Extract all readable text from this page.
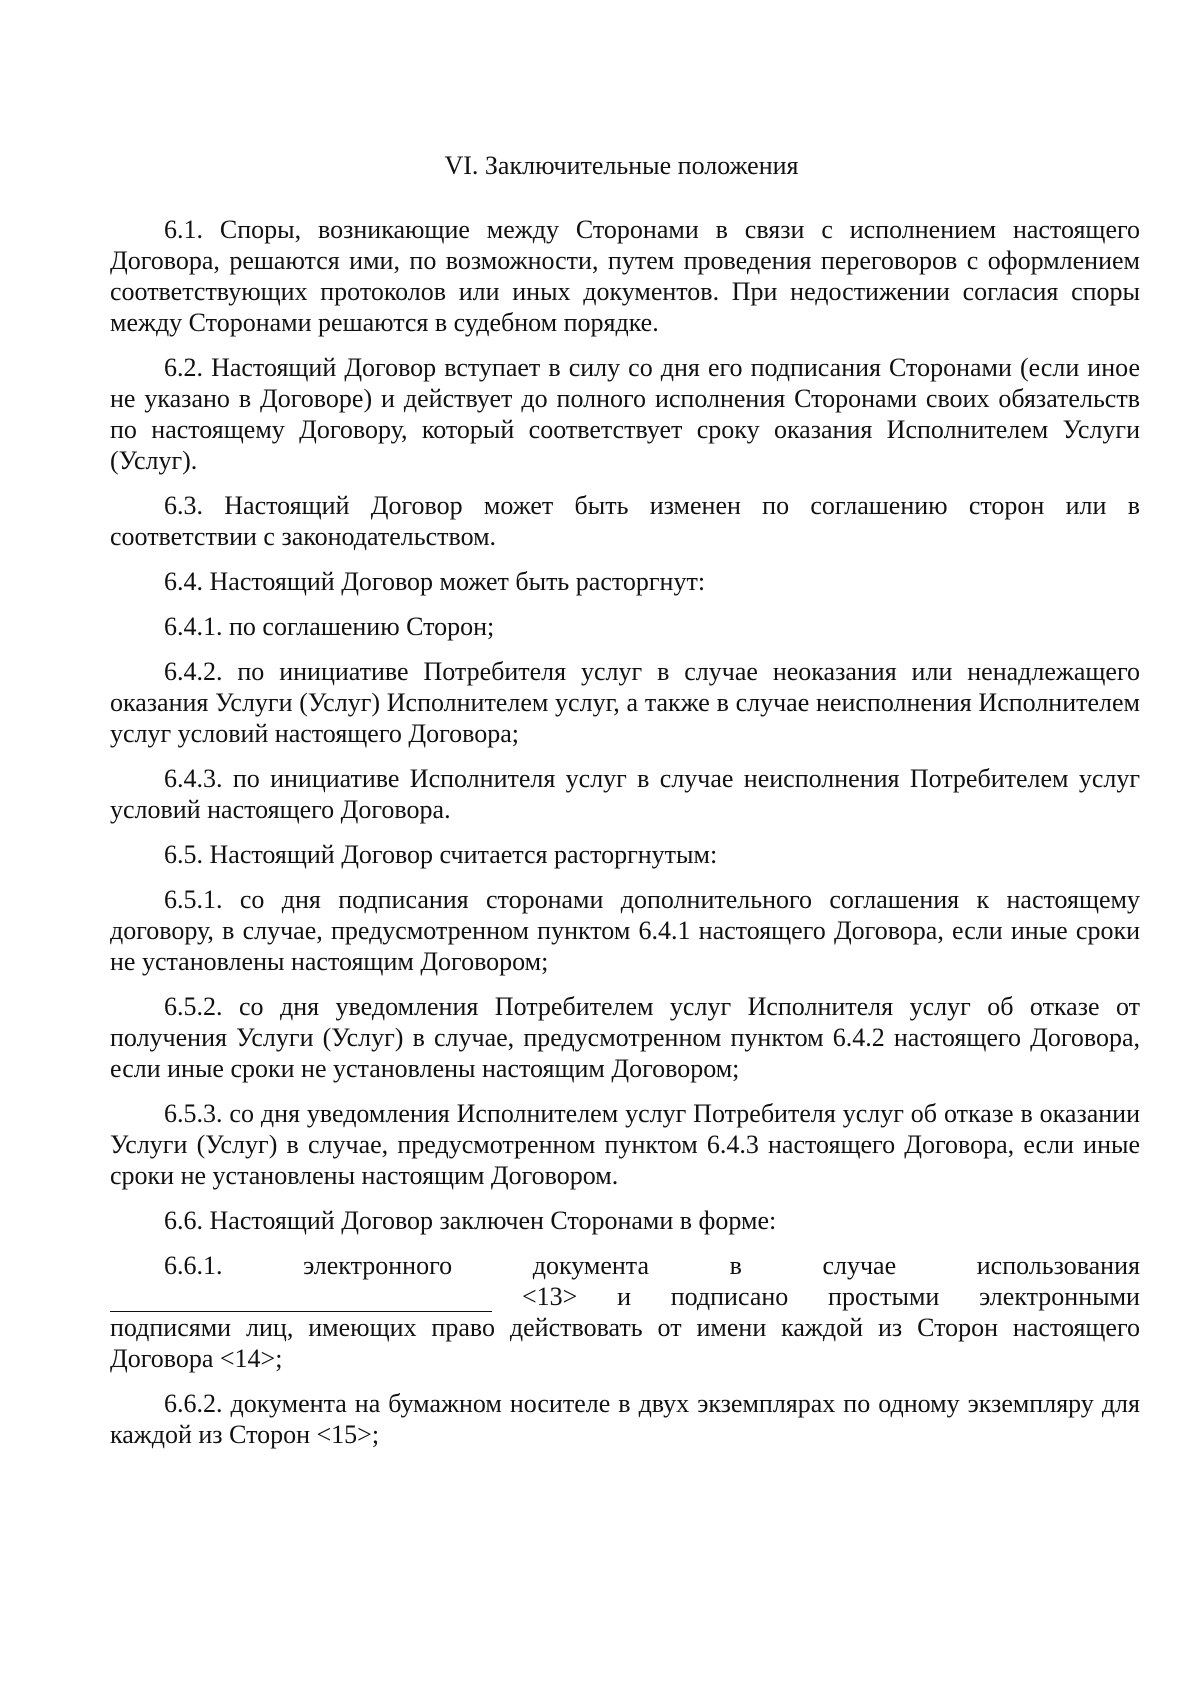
VI. Заключительные положения

6.1. Споры, возникающие между Сторонами в связи с исполнением настоящего Договора, решаются ими, по возможности, путем проведения переговоров с оформлением соответствующих протоколов или иных документов. При недостижении согласия споры между Сторонами решаются в судебном порядке.

6.2. Настоящий Договор вступает в силу со дня его подписания Сторонами (если иное не указано в Договоре) и действует до полного исполнения Сторонами своих обязательств по настоящему Договору, который соответствует сроку оказания Исполнителем Услуги (Услуг).

6.3. Настоящий Договор может быть изменен по соглашению сторон или в соответствии с законодательством.

6.4. Настоящий Договор может быть расторгнут:

6.4.1. по соглашению Сторон;

6.4.2. по инициативе Потребителя услуг в случае неоказания или ненадлежащего оказания Услуги (Услуг) Исполнителем услуг, а также в случае неисполнения Исполнителем услуг условий настоящего Договора;

6.4.3. по инициативе Исполнителя услуг в случае неисполнения Потребителем услуг условий настоящего Договора.

6.5. Настоящий Договор считается расторгнутым:

6.5.1. со дня подписания сторонами дополнительного соглашения к настоящему договору, в случае, предусмотренном пунктом 6.4.1 настоящего Договора, если иные сроки не установлены настоящим Договором;

6.5.2. со дня уведомления Потребителем услуг Исполнителя услуг об отказе от получения Услуги (Услуг) в случае, предусмотренном пунктом 6.4.2 настоящего Договора, если иные сроки не установлены настоящим Договором;

6.5.3. со дня уведомления Исполнителем услуг Потребителя услуг об отказе в оказании Услуги (Услуг) в случае, предусмотренном пунктом 6.4.3 настоящего Договора, если иные сроки не установлены настоящим Договором.

6.6. Настоящий Договор заключен Сторонами в форме:

6.6.1.	электронного	документа	в	случае	использования
<13> и подписано простыми электронными

подписями лиц, имеющих право действовать от имени каждой из Сторон настоящего Договора <14>;

6.6.2. документа на бумажном носителе в двух экземплярах по одному экземпляру для каждой из Сторон <15>;
